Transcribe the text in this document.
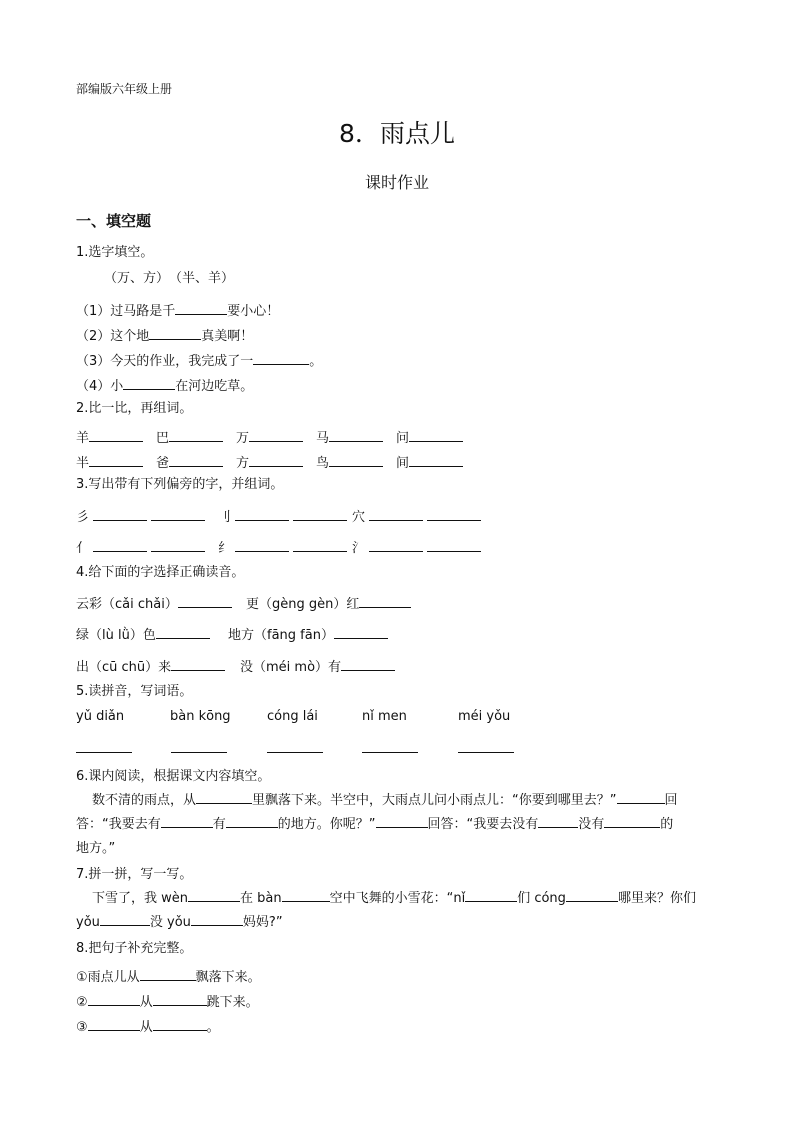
部编版六年级上册
8．雨点儿
课时作业
一、填空题
1.选字填空。
（万、方）　（半、羊）
（1）过马路是千	要小心！
（2）这个地	真美啊！
（3）今天的作业，我完成了一	。
（4）小	在河边吃草。
2.比一比，再组词。
羊	巴	万	马	问
半	爸	方	鸟	间
3.写出带有下列偏旁的字，并组词。
彡	刂	穴
亻	纟	氵
4.给下面的字选择正确读音。
云彩（cǎi chǎi）	更（gèng gèn）红
绿（lù lǜ）色	地方（fāng fān）
出（cū chū）来	没（méi mò）有
5.读拼音，写词语。
yǔ diǎn	bàn kōng	cóng lái	nǐ men	méi yǒu
6.课内阅读，根据课文内容填空。
数不清的雨点，从	里飘落下来。半空中，大雨点儿问小雨点儿：“你要到哪里去？”	回
答：“我要去有	有	的地方。你呢？”	回答：“我要去没有	没有	的
地方。”
7.拼一拼，写一写。
下雪了，我 wèn	在 bàn	空中飞舞的小雪花：“nǐ	们 cóng	哪里来？你们
yǒu	没 yǒu	妈妈?”
8.把句子补充完整。
①雨点儿从	飘落下来。
②	从	跳下来。
③	从	。
